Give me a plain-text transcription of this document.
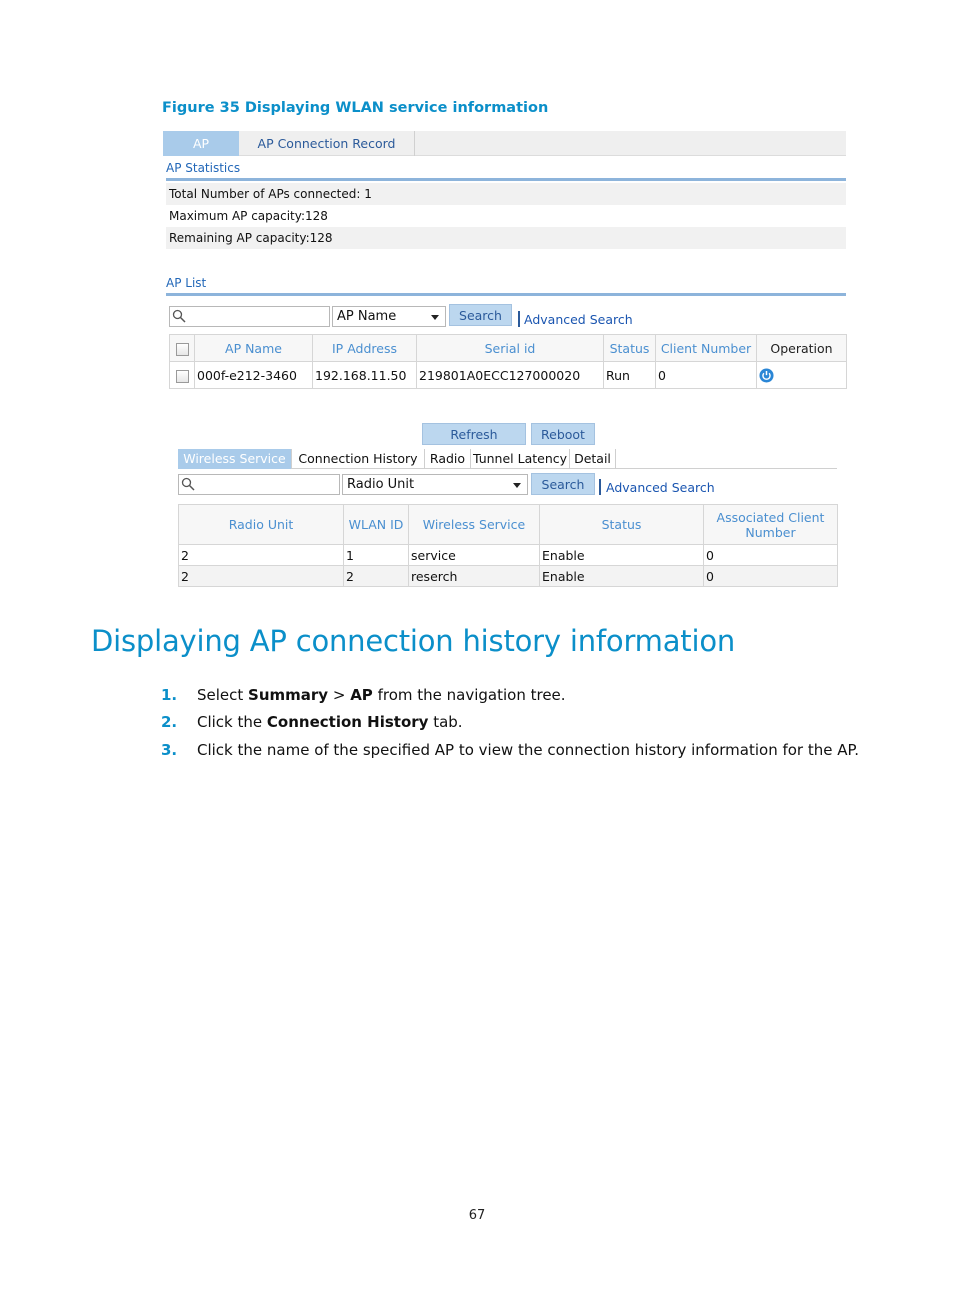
Figure 35 Displaying WLAN service information
AP	AP Connection Record
AP Statistics
Total Number of APs connected: 1
Maximum AP capacity:128
Remaining AP capacity:128
AP List
AP Name	Search	Advanced Search
	AP Name	IP Address	Serial id	Status	Client Number	Operation
	000f-e212-3460	192.168.11.50	219801A0ECC127000020	Run	0	
Refresh	Reboot
Wireless Service	Connection History Radio Tunnel Latency Detail
Radio Unit	Search	Advanced Search
Radio Unit	WLAN ID	Wireless Service	Status	Associated Client Number
2	1	service	Enable	0
2	2	reserch	Enable	0
Displaying AP connection history information
1.	Select Summary > AP from the navigation tree.
2.	Click the Connection History tab.
3.	Click the name of the specified AP to view the connection history information for the AP.
67
